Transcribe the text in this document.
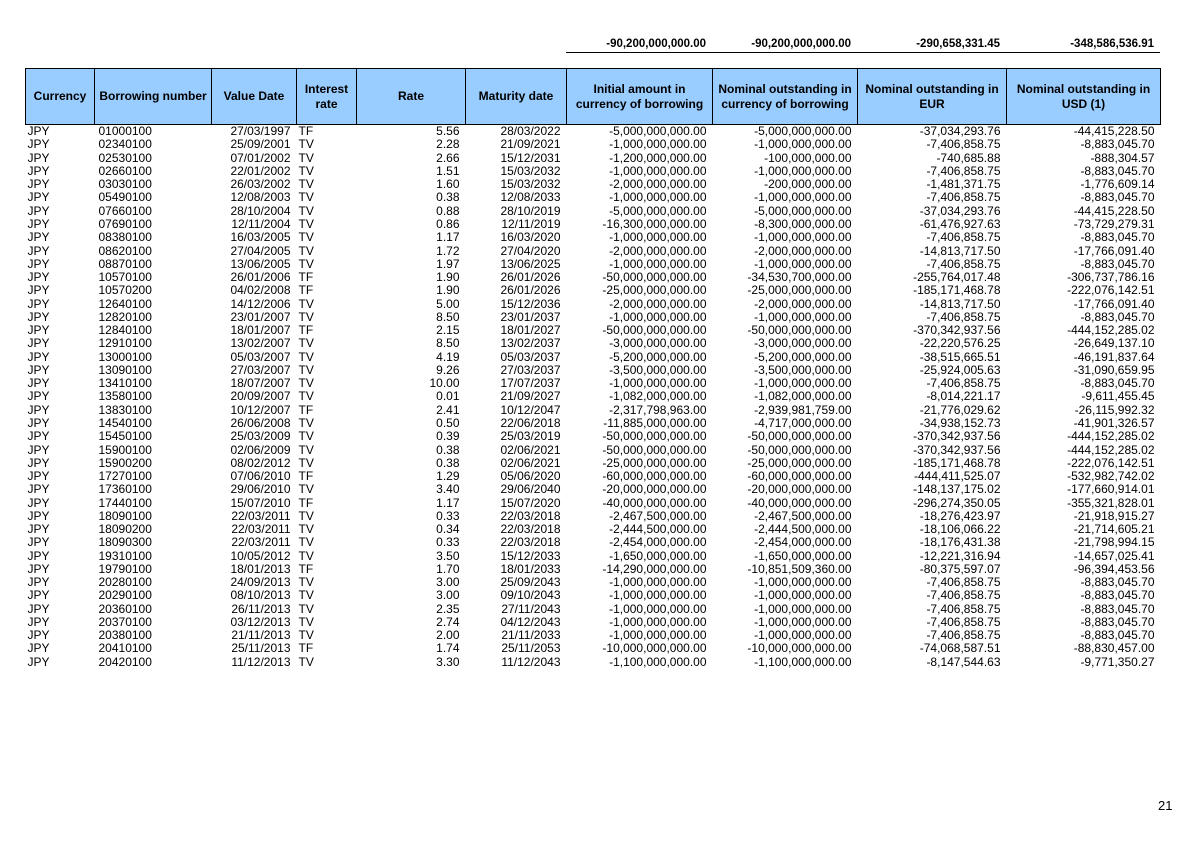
-90,200,000,000.00	-90,200,000,000.00	-290,658,331.45	-348,586,536.91
Currency	Borrowing number	Value Date	Interest rate	Rate	Maturity date	Initial amount in currency of borrowing	Nominal outstanding in currency of borrowing	Nominal outstanding in EUR	Nominal outstanding in USD (1)
JPY	01000100	27/03/1997	TF	5.56	28/03/2022	-5,000,000,000.00	-5,000,000,000.00	-37,034,293.76	-44,415,228.50
JPY	02340100	25/09/2001	TV	2.28	21/09/2021	-1,000,000,000.00	-1,000,000,000.00	-7,406,858.75	-8,883,045.70
JPY	02530100	07/01/2002	TV	2.66	15/12/2031	-1,200,000,000.00	-100,000,000.00	-740,685.88	-888,304.57
JPY	02660100	22/01/2002	TV	1.51	15/03/2032	-1,000,000,000.00	-1,000,000,000.00	-7,406,858.75	-8,883,045.70
JPY	03030100	26/03/2002	TV	1.60	15/03/2032	-2,000,000,000.00	-200,000,000.00	-1,481,371.75	-1,776,609.14
JPY	05490100	12/08/2003	TV	0.38	12/08/2033	-1,000,000,000.00	-1,000,000,000.00	-7,406,858.75	-8,883,045.70
JPY	07660100	28/10/2004	TV	0.88	28/10/2019	-5,000,000,000.00	-5,000,000,000.00	-37,034,293.76	-44,415,228.50
JPY	07690100	12/11/2004	TV	0.86	12/11/2019	-16,300,000,000.00	-8,300,000,000.00	-61,476,927.63	-73,729,279.31
JPY	08380100	16/03/2005	TV	1.17	16/03/2020	-1,000,000,000.00	-1,000,000,000.00	-7,406,858.75	-8,883,045.70
JPY	08620100	27/04/2005	TV	1.72	27/04/2020	-2,000,000,000.00	-2,000,000,000.00	-14,813,717.50	-17,766,091.40
JPY	08870100	13/06/2005	TV	1.97	13/06/2025	-1,000,000,000.00	-1,000,000,000.00	-7,406,858.75	-8,883,045.70
JPY	10570100	26/01/2006	TF	1.90	26/01/2026	-50,000,000,000.00	-34,530,700,000.00	-255,764,017.48	-306,737,786.16
JPY	10570200	04/02/2008	TF	1.90	26/01/2026	-25,000,000,000.00	-25,000,000,000.00	-185,171,468.78	-222,076,142.51
JPY	12640100	14/12/2006	TV	5.00	15/12/2036	-2,000,000,000.00	-2,000,000,000.00	-14,813,717.50	-17,766,091.40
JPY	12820100	23/01/2007	TV	8.50	23/01/2037	-1,000,000,000.00	-1,000,000,000.00	-7,406,858.75	-8,883,045.70
JPY	12840100	18/01/2007	TF	2.15	18/01/2027	-50,000,000,000.00	-50,000,000,000.00	-370,342,937.56	-444,152,285.02
JPY	12910100	13/02/2007	TV	8.50	13/02/2037	-3,000,000,000.00	-3,000,000,000.00	-22,220,576.25	-26,649,137.10
JPY	13000100	05/03/2007	TV	4.19	05/03/2037	-5,200,000,000.00	-5,200,000,000.00	-38,515,665.51	-46,191,837.64
JPY	13090100	27/03/2007	TV	9.26	27/03/2037	-3,500,000,000.00	-3,500,000,000.00	-25,924,005.63	-31,090,659.95
JPY	13410100	18/07/2007	TV	10.00	17/07/2037	-1,000,000,000.00	-1,000,000,000.00	-7,406,858.75	-8,883,045.70
JPY	13580100	20/09/2007	TV	0.01	21/09/2027	-1,082,000,000.00	-1,082,000,000.00	-8,014,221.17	-9,611,455.45
JPY	13830100	10/12/2007	TF	2.41	10/12/2047	-2,317,798,963.00	-2,939,981,759.00	-21,776,029.62	-26,115,992.32
JPY	14540100	26/06/2008	TV	0.50	22/06/2018	-11,885,000,000.00	-4,717,000,000.00	-34,938,152.73	-41,901,326.57
JPY	15450100	25/03/2009	TV	0.39	25/03/2019	-50,000,000,000.00	-50,000,000,000.00	-370,342,937.56	-444,152,285.02
JPY	15900100	02/06/2009	TV	0.38	02/06/2021	-50,000,000,000.00	-50,000,000,000.00	-370,342,937.56	-444,152,285.02
JPY	15900200	08/02/2012	TV	0.38	02/06/2021	-25,000,000,000.00	-25,000,000,000.00	-185,171,468.78	-222,076,142.51
JPY	17270100	07/06/2010	TF	1.29	05/06/2020	-60,000,000,000.00	-60,000,000,000.00	-444,411,525.07	-532,982,742.02
JPY	17360100	29/06/2010	TV	3.40	29/06/2040	-20,000,000,000.00	-20,000,000,000.00	-148,137,175.02	-177,660,914.01
JPY	17440100	15/07/2010	TF	1.17	15/07/2020	-40,000,000,000.00	-40,000,000,000.00	-296,274,350.05	-355,321,828.01
JPY	18090100	22/03/2011	TV	0.33	22/03/2018	-2,467,500,000.00	-2,467,500,000.00	-18,276,423.97	-21,918,915.27
JPY	18090200	22/03/2011	TV	0.34	22/03/2018	-2,444,500,000.00	-2,444,500,000.00	-18,106,066.22	-21,714,605.21
JPY	18090300	22/03/2011	TV	0.33	22/03/2018	-2,454,000,000.00	-2,454,000,000.00	-18,176,431.38	-21,798,994.15
JPY	19310100	10/05/2012	TV	3.50	15/12/2033	-1,650,000,000.00	-1,650,000,000.00	-12,221,316.94	-14,657,025.41
JPY	19790100	18/01/2013	TF	1.70	18/01/2033	-14,290,000,000.00	-10,851,509,360.00	-80,375,597.07	-96,394,453.56
JPY	20280100	24/09/2013	TV	3.00	25/09/2043	-1,000,000,000.00	-1,000,000,000.00	-7,406,858.75	-8,883,045.70
JPY	20290100	08/10/2013	TV	3.00	09/10/2043	-1,000,000,000.00	-1,000,000,000.00	-7,406,858.75	-8,883,045.70
JPY	20360100	26/11/2013	TV	2.35	27/11/2043	-1,000,000,000.00	-1,000,000,000.00	-7,406,858.75	-8,883,045.70
JPY	20370100	03/12/2013	TV	2.74	04/12/2043	-1,000,000,000.00	-1,000,000,000.00	-7,406,858.75	-8,883,045.70
JPY	20380100	21/11/2013	TV	2.00	21/11/2033	-1,000,000,000.00	-1,000,000,000.00	-7,406,858.75	-8,883,045.70
JPY	20410100	25/11/2013	TF	1.74	25/11/2053	-10,000,000,000.00	-10,000,000,000.00	-74,068,587.51	-88,830,457.00
JPY	20420100	11/12/2013	TV	3.30	11/12/2043	-1,100,000,000.00	-1,100,000,000.00	-8,147,544.63	-9,771,350.27
21
